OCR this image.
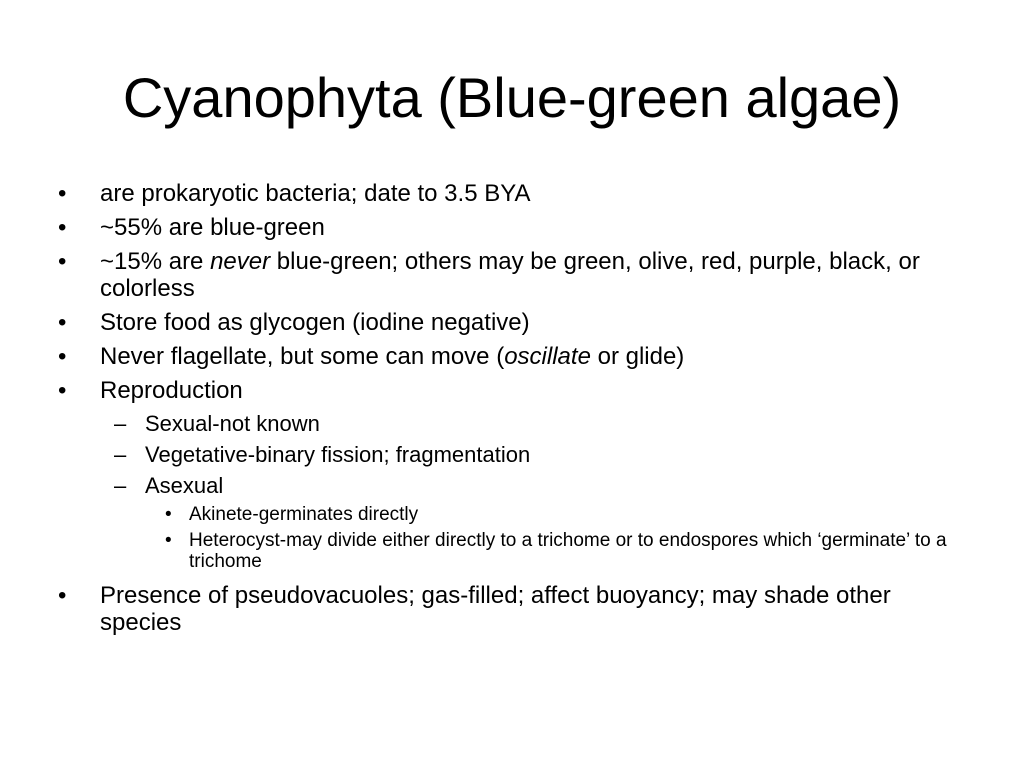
Cyanophyta (Blue-green algae)
• are prokaryotic bacteria; date to 3.5 BYA
• ~55% are blue-green
• ~15% are never blue-green; others may be green, olive, red, purple, black, or colorless
• Store food as glycogen (iodine negative)
• Never flagellate, but some can move (oscillate or glide)
• Reproduction
– Sexual-not known
– Vegetative-binary fission; fragmentation
– Asexual
• Akinete-germinates directly
• Heterocyst-may divide either directly to a trichome or to endospores which ‘germinate’ to a trichome
• Presence of pseudovacuoles; gas-filled; affect buoyancy; may shade other species
